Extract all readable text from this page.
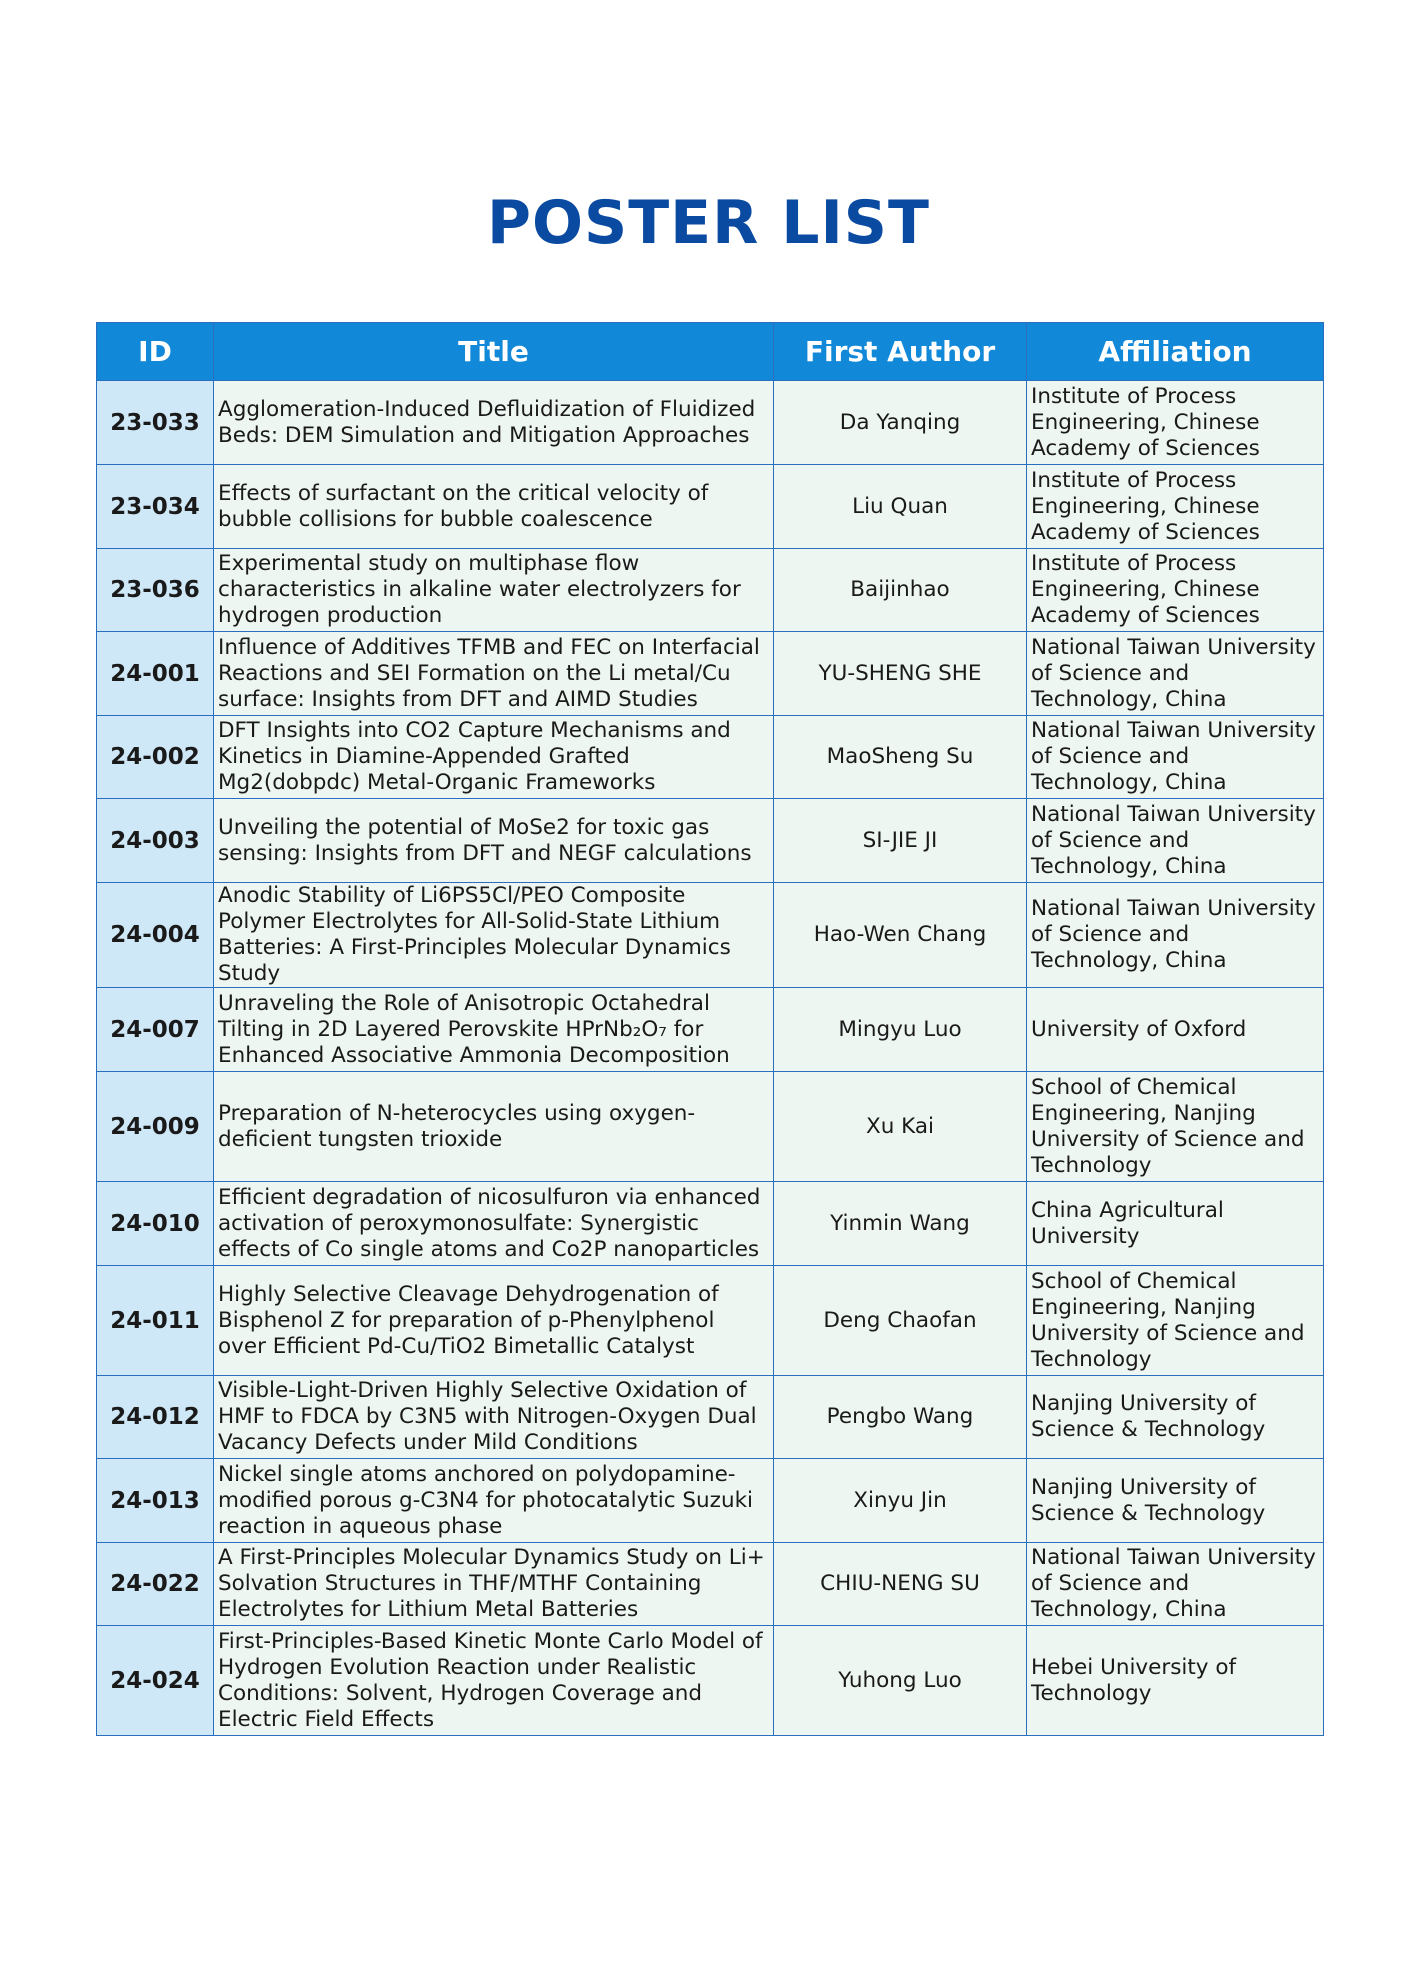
POSTER LIST
ID	Title	First Author	Affiliation
23-033	Agglomeration-Induced Defluidization of Fluidized Beds: DEM Simulation and Mitigation Approaches	Da Yanqing	Institute of Process Engineering, Chinese Academy of Sciences
23-034	Effects of surfactant on the critical velocity of bubble collisions for bubble coalescence	Liu Quan	Institute of Process Engineering, Chinese Academy of Sciences
23-036	Experimental study on multiphase flow characteristics in alkaline water electrolyzers for hydrogen production	Baijinhao	Institute of Process Engineering, Chinese Academy of Sciences
24-001	Influence of Additives TFMB and FEC on Interfacial Reactions and SEI Formation on the Li metal/Cu surface: Insights from DFT and AIMD Studies	YU-SHENG SHE	National Taiwan University of Science and Technology, China
24-002	DFT Insights into CO2 Capture Mechanisms and Kinetics in Diamine-Appended Grafted Mg2(dobpdc) Metal-Organic Frameworks	MaoSheng Su	National Taiwan University of Science and Technology, China
24-003	Unveiling the potential of MoSe2 for toxic gas sensing: Insights from DFT and NEGF calculations	SI-JIE JI	National Taiwan University of Science and Technology, China
24-004	Anodic Stability of Li6PS5Cl/PEO Composite Polymer Electrolytes for All-Solid-State Lithium Batteries: A First-Principles Molecular Dynamics Study	Hao-Wen Chang	National Taiwan University of Science and Technology, China
24-007	Unraveling the Role of Anisotropic Octahedral Tilting in 2D Layered Perovskite HPrNb₂O₇ for Enhanced Associative Ammonia Decomposition	Mingyu Luo	University of Oxford
24-009	Preparation of N-heterocycles using oxygen-deficient tungsten trioxide	Xu Kai	School of Chemical Engineering, Nanjing University of Science and Technology
24-010	Efficient degradation of nicosulfuron via enhanced activation of peroxymonosulfate: Synergistic effects of Co single atoms and Co2P nanoparticles	Yinmin Wang	China Agricultural University
24-011	Highly Selective Cleavage Dehydrogenation of Bisphenol Z for preparation of p-Phenylphenol over Efficient Pd-Cu/TiO2 Bimetallic Catalyst	Deng Chaofan	School of Chemical Engineering, Nanjing University of Science and Technology
24-012	Visible-Light-Driven Highly Selective Oxidation of HMF to FDCA by C3N5 with Nitrogen-Oxygen Dual Vacancy Defects under Mild Conditions	Pengbo Wang	Nanjing University of Science & Technology
24-013	Nickel single atoms anchored on polydopamine-modified porous g-C3N4 for photocatalytic Suzuki reaction in aqueous phase	Xinyu Jin	Nanjing University of Science & Technology
24-022	A First-Principles Molecular Dynamics Study on Li+ Solvation Structures in THF/MTHF Containing Electrolytes for Lithium Metal Batteries	CHIU-NENG SU	National Taiwan University of Science and Technology, China
24-024	First-Principles-Based Kinetic Monte Carlo Model of Hydrogen Evolution Reaction under Realistic Conditions: Solvent, Hydrogen Coverage and Electric Field Effects	Yuhong Luo	Hebei University of Technology
